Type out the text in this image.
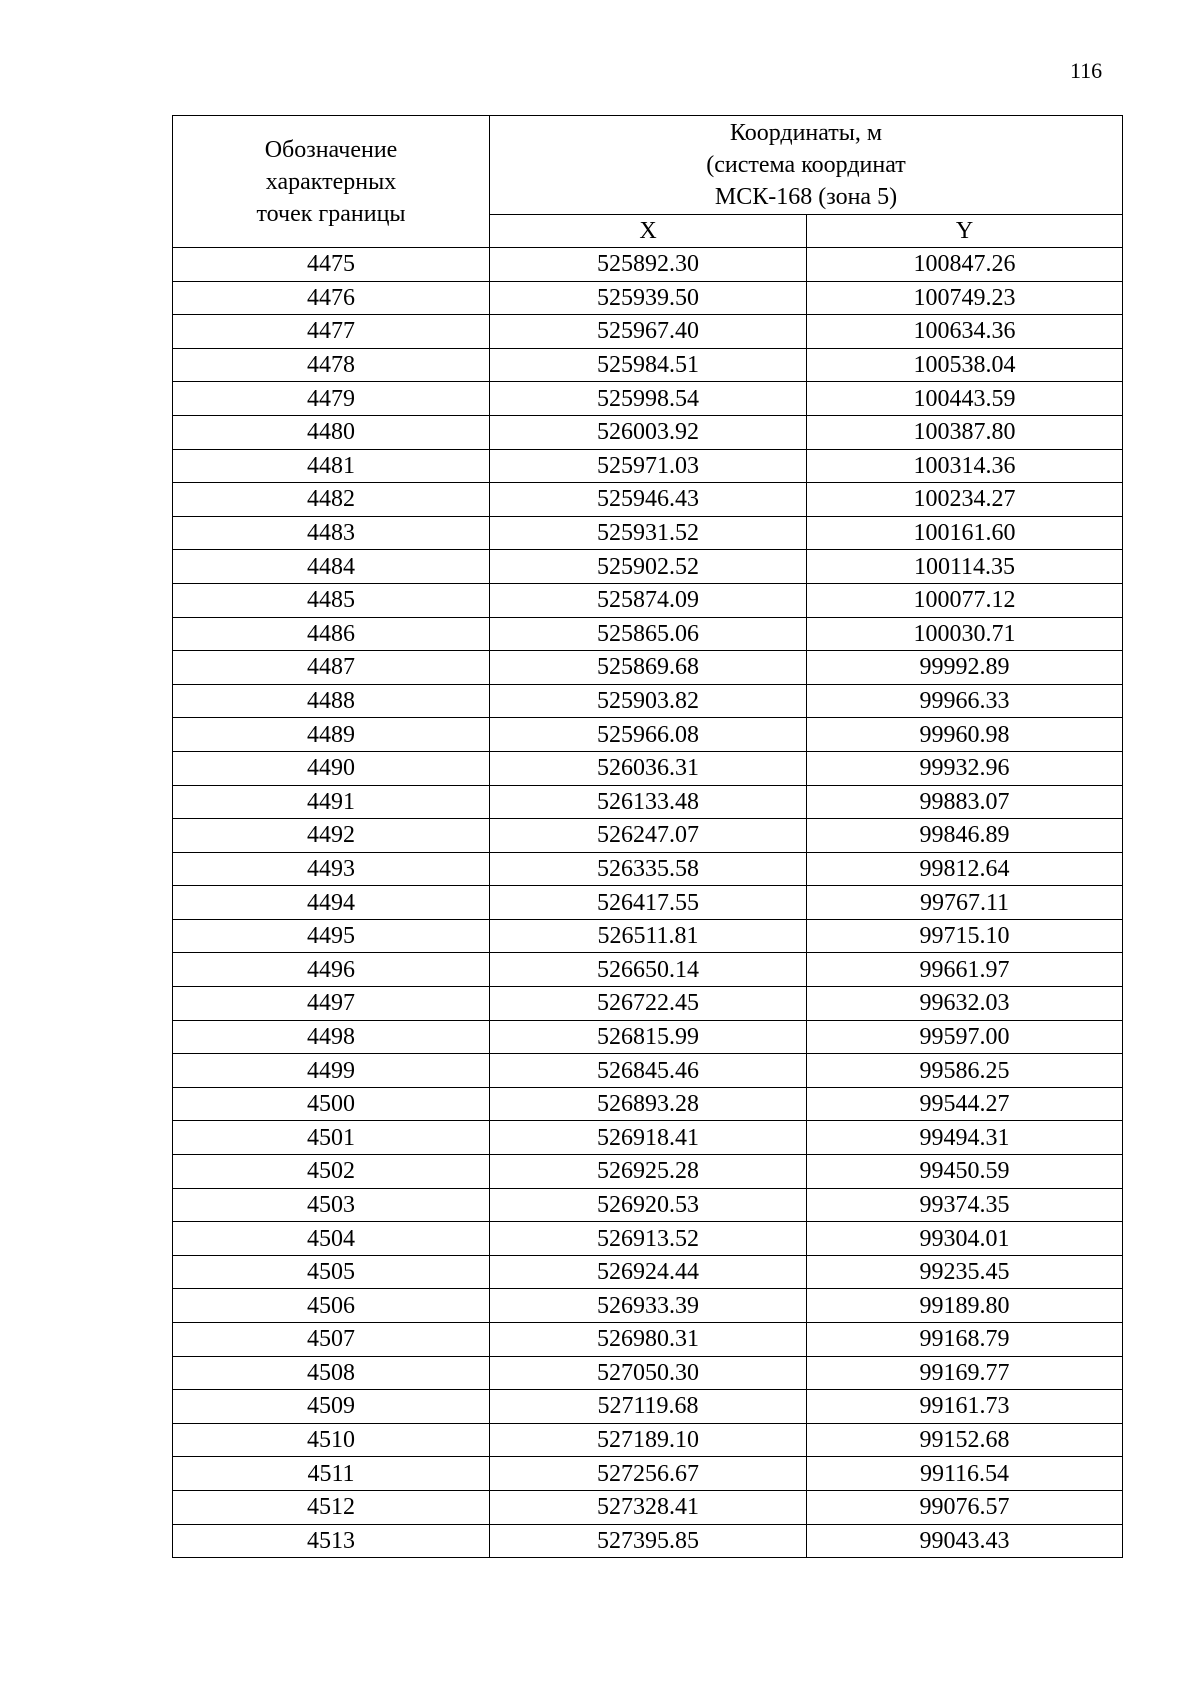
116
Обозначение
характерных
точек границы	Координаты, м
(система координат
МСК-168 (зона 5)	

	X	Y
4475	525892.30	100847.26
4476	525939.50	100749.23
4477	525967.40	100634.36
4478	525984.51	100538.04
4479	525998.54	100443.59
4480	526003.92	100387.80
4481	525971.03	100314.36
4482	525946.43	100234.27
4483	525931.52	100161.60
4484	525902.52	100114.35
4485	525874.09	100077.12
4486	525865.06	100030.71
4487	525869.68	99992.89
4488	525903.82	99966.33
4489	525966.08	99960.98
4490	526036.31	99932.96
4491	526133.48	99883.07
4492	526247.07	99846.89
4493	526335.58	99812.64
4494	526417.55	99767.11
4495	526511.81	99715.10
4496	526650.14	99661.97
4497	526722.45	99632.03
4498	526815.99	99597.00
4499	526845.46	99586.25
4500	526893.28	99544.27
4501	526918.41	99494.31
4502	526925.28	99450.59
4503	526920.53	99374.35
4504	526913.52	99304.01
4505	526924.44	99235.45
4506	526933.39	99189.80
4507	526980.31	99168.79
4508	527050.30	99169.77
4509	527119.68	99161.73
4510	527189.10	99152.68
4511	527256.67	99116.54
4512	527328.41	99076.57
4513	527395.85	99043.43
